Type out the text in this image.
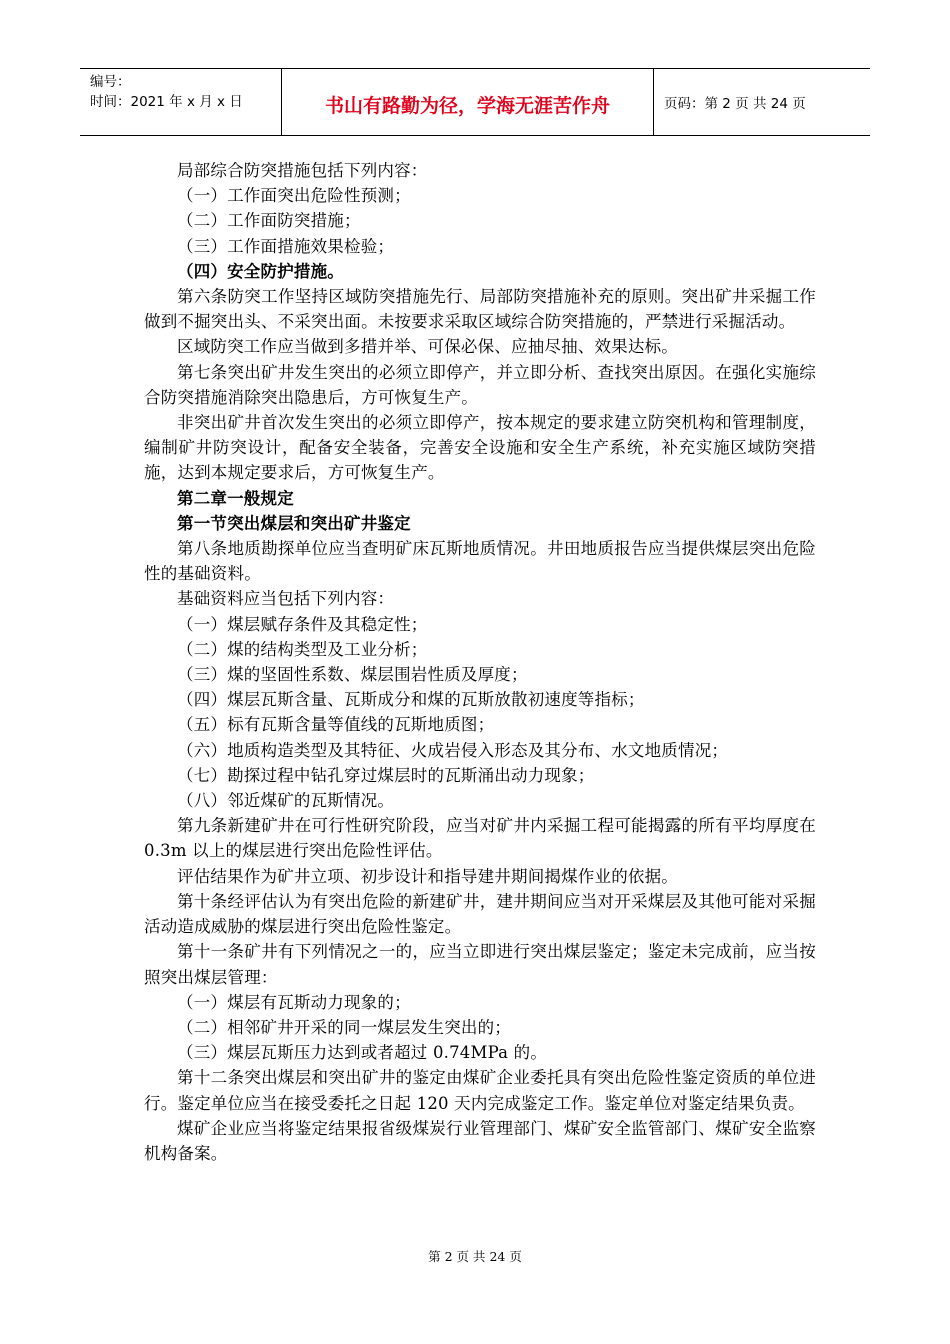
编号：
时间：2021 年 x 月 x 日	书山有路勤为径，学海无涯苦作舟	页码：第 2 页 共 24 页

局部综合防突措施包括下列内容：

（一）工作面突出危险性预测；

（二）工作面防突措施；

（三）工作面措施效果检验；

（四）安全防护措施。

第六条防突工作坚持区域防突措施先行、局部防突措施补充的原则。突出矿井采掘工作做到不掘突出头、不采突出面。未按要求采取区域综合防突措施的，严禁进行采掘活动。

区域防突工作应当做到多措并举、可保必保、应抽尽抽、效果达标。

第七条突出矿井发生突出的必须立即停产，并立即分析、查找突出原因。在强化实施综合防突措施消除突出隐患后，方可恢复生产。

非突出矿井首次发生突出的必须立即停产，按本规定的要求建立防突机构和管理制度，编制矿井防突设计，配备安全装备，完善安全设施和安全生产系统，补充实施区域防突措施，达到本规定要求后，方可恢复生产。

第二章一般规定

第一节突出煤层和突出矿井鉴定

第八条地质勘探单位应当查明矿床瓦斯地质情况。井田地质报告应当提供煤层突出危险性的基础资料。

基础资料应当包括下列内容：

（一）煤层赋存条件及其稳定性；

（二）煤的结构类型及工业分析；

（三）煤的坚固性系数、煤层围岩性质及厚度；

（四）煤层瓦斯含量、瓦斯成分和煤的瓦斯放散初速度等指标；

（五）标有瓦斯含量等值线的瓦斯地质图；

（六）地质构造类型及其特征、火成岩侵入形态及其分布、水文地质情况；

（七）勘探过程中钻孔穿过煤层时的瓦斯涌出动力现象；

（八）邻近煤矿的瓦斯情况。

第九条新建矿井在可行性研究阶段，应当对矿井内采掘工程可能揭露的所有平均厚度在 0.3m 以上的煤层进行突出危险性评估。

评估结果作为矿井立项、初步设计和指导建井期间揭煤作业的依据。

第十条经评估认为有突出危险的新建矿井，建井期间应当对开采煤层及其他可能对采掘活动造成威胁的煤层进行突出危险性鉴定。

第十一条矿井有下列情况之一的，应当立即进行突出煤层鉴定；鉴定未完成前，应当按照突出煤层管理：

（一）煤层有瓦斯动力现象的；

（二）相邻矿井开采的同一煤层发生突出的；

（三）煤层瓦斯压力达到或者超过 0.74MPa 的。

第十二条突出煤层和突出矿井的鉴定由煤矿企业委托具有突出危险性鉴定资质的单位进行。鉴定单位应当在接受委托之日起 120 天内完成鉴定工作。鉴定单位对鉴定结果负责。

煤矿企业应当将鉴定结果报省级煤炭行业管理部门、煤矿安全监管部门、煤矿安全监察机构备案。

第 2 页 共 24 页
